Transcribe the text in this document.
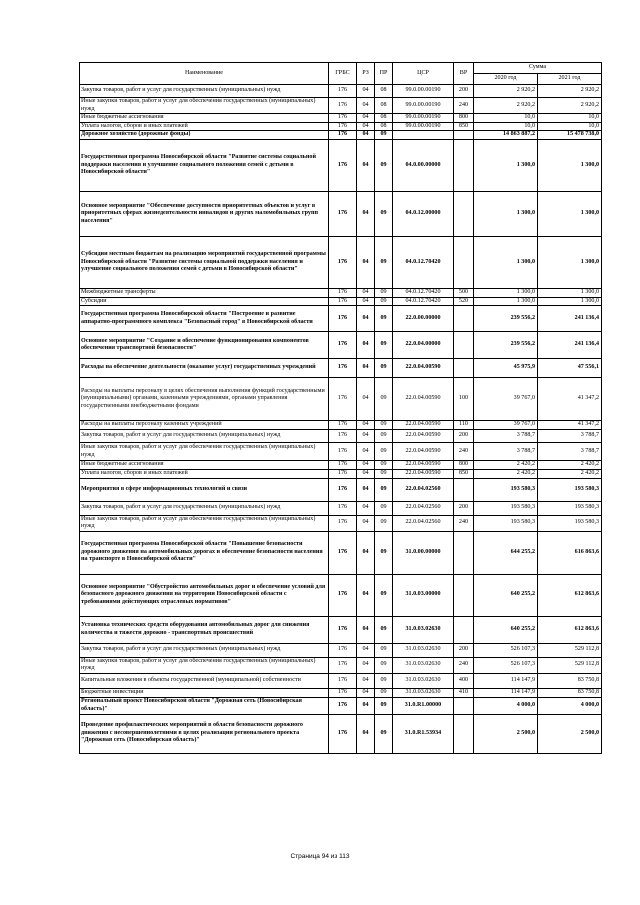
Наименование	ГРБС	РЗ	ПР	ЦСР	ВР	Сумма	
						2020 год	2021 год
Закупка товаров, работ и услуг для государственных (муниципальных) нужд	176	04	08	99.0.00.00190	200	2 920,2	2 920,2
Иные закупки товаров, работ и услуг для обеспечения государственных (муниципальных) нужд	176	04	08	99.0.00.00190	240	2 920,2	2 920,2
Иные бюджетные ассигнования	176	04	08	99.0.00.00190	800	10,0	10,0
Уплата налогов, сборов и иных платежей	176	04	08	99.0.00.00190	850	10,0	10,0
Дорожное хозяйство (дорожные фонды)	176	04	09			14 863 887,2	15 478 738,0
Государственная программа Новосибирской области "Развитие системы социальной поддержки населения и улучшение социального положения семей с детьми в Новосибирской области"	176	04	09	04.0.00.00000		1 300,0	1 300,0
Основное мероприятие "Обеспечение доступности приоритетных объектов и услуг в приоритетных сферах жизнедеятельности инвалидов и других маломобильных групп населения"	176	04	09	04.0.12.00000		1 300,0	1 300,0
Субсидии местным бюджетам на реализацию мероприятий государственной программы Новосибирской области "Развитие системы социальной поддержки населения и улучшение социального положения семей с детьми в Новосибирской области"	176	04	09	04.0.12.70420		1 300,0	1 300,0
Межбюджетные трансферты	176	04	09	04.0.12.70420	500	1 300,0	1 300,0
Субсидии	176	04	09	04.0.12.70420	520	1 300,0	1 300,0
Государственная программа Новосибирской области "Построение и развитие аппаратно-программного комплекса "Безопасный город" в Новосибирской области	176	04	09	22.0.00.00000		239 556,2	241 136,4
Основное мероприятие "Создание и обеспечение функционирования компонентов обеспечения транспортной безопасности"	176	04	09	22.0.04.00000		239 556,2	241 136,4
Расходы на обеспечение деятельности (оказание услуг) государственных учреждений	176	04	09	22.0.04.00590		45 975,9	47 556,1
Расходы на выплаты персоналу в целях обеспечения выполнения функций государственными (муниципальными) органами, казенными учреждениями, органами управления государственными внебюджетными фондами	176	04	09	22.0.04.00590	100	39 767,0	41 347,2
Расходы на выплаты персоналу казенных учреждений	176	04	09	22.0.04.00590	110	39 767,0	41 347,2
Закупка товаров, работ и услуг для государственных (муниципальных) нужд	176	04	09	22.0.04.00590	200	3 788,7	3 788,7
Иные закупки товаров, работ и услуг для обеспечения государственных (муниципальных) нужд	176	04	09	22.0.04.00590	240	3 788,7	3 788,7
Иные бюджетные ассигнования	176	04	09	22.0.04.00590	800	2 420,2	2 420,2
Уплата налогов, сборов и иных платежей	176	04	09	22.0.04.00590	850	2 420,2	2 420,2
Мероприятия в сфере информационных технологий и связи	176	04	09	22.0.04.02560		193 580,3	193 580,3
Закупка товаров, работ и услуг для государственных (муниципальных) нужд	176	04	09	22.0.04.02560	200	193 580,3	193 580,3
Иные закупки товаров, работ и услуг для обеспечения государственных (муниципальных) нужд	176	04	09	22.0.04.02560	240	193 580,3	193 580,3
Государственная программа Новосибирской области "Повышение безопасности дорожного движения на автомобильных дорогах и обеспечение безопасности населения на транспорте в Новосибирской области"	176	04	09	31.0.00.00000		644 255,2	616 863,6
Основное мероприятие "Обустройство автомобильных дорог и обеспечение условий для безопасного дорожного движения на территории Новосибирской области с требованиями действующих отраслевых нормативов"	176	04	09	31.0.03.00000		640 255,2	612 863,6
Установка технических средств оборудования автомобильных дорог для снижения количества и тяжести дорожно - транспортных происшествий	176	04	09	31.0.03.02630		640 255,2	612 863,6
Закупка товаров, работ и услуг для государственных (муниципальных) нужд	176	04	09	31.0.03.02630	200	526 107,3	529 112,8
Иные закупки товаров, работ и услуг для обеспечения государственных (муниципальных) нужд	176	04	09	31.0.03.02630	240	526 107,3	529 112,8
Капитальные вложения в объекты государственной (муниципальной) собственности	176	04	09	31.0.03.02630	400	114 147,9	83 750,8
Бюджетные инвестиции	176	04	09	31.0.03.02630	410	114 147,9	83 750,8
Региональный проект Новосибирской области "Дорожная сеть (Новосибирская область)"	176	04	09	31.0.R1.00000		4 000,0	4 000,0
Проведение профилактических мероприятий в области безопасности дорожного движения с несовершеннолетними в целях реализации регионального проекта "Дорожная сеть (Новосибирская область)"	176	04	09	31.0.R1.53934		2 500,0	2 500,0
Страница 94 из 113
